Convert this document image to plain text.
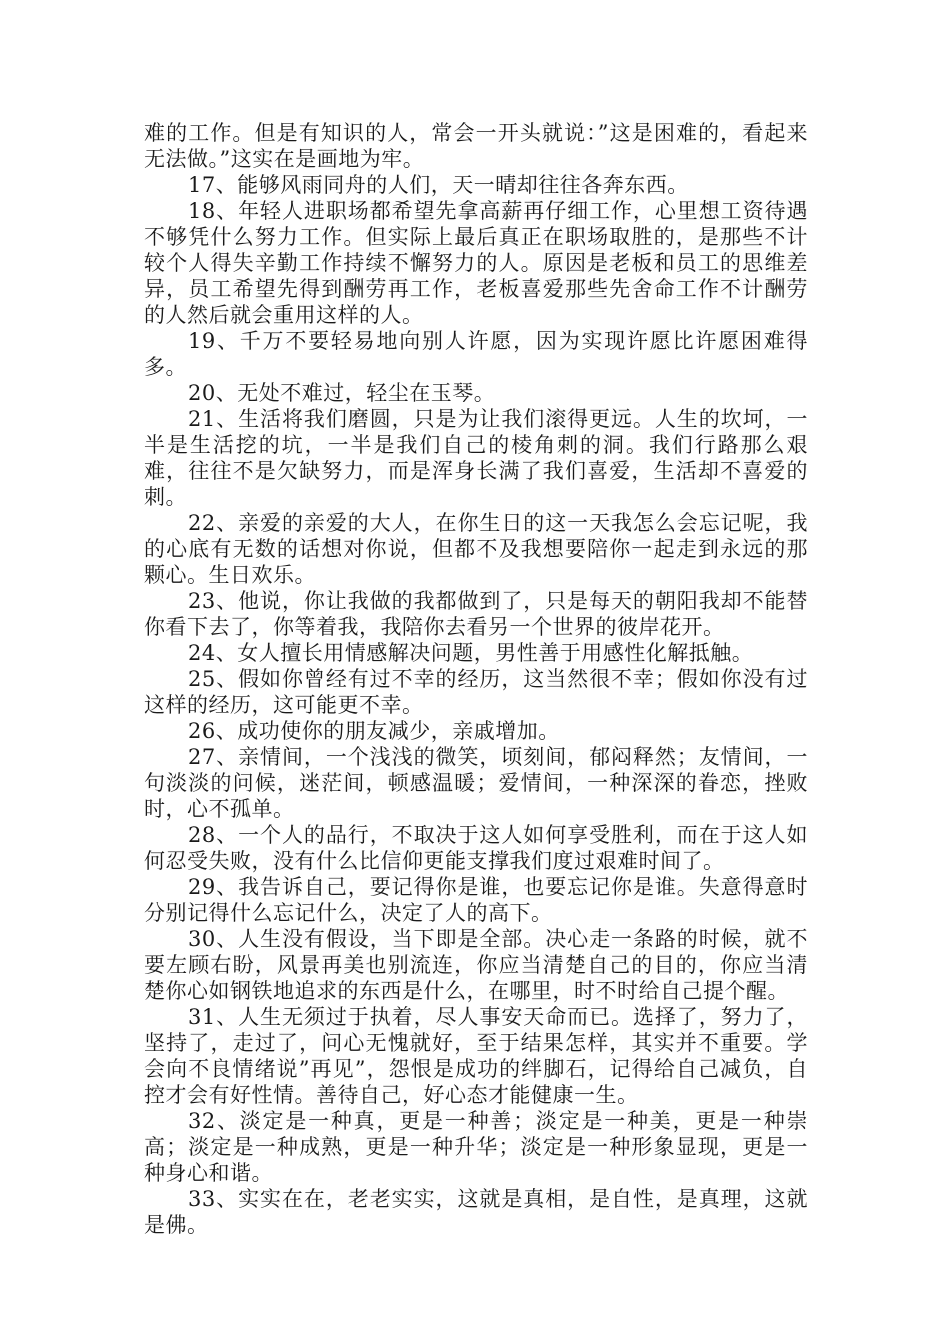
难的工作。但是有知识的人，常会一开头就说：”这是困难的，看起来无法做。”这实在是画地为牢。

17、能够风雨同舟的人们，天一晴却往往各奔东西。

18、年轻人进职场都希望先拿高薪再仔细工作，心里想工资待遇不够凭什么努力工作。但实际上最后真正在职场取胜的，是那些不计较个人得失辛勤工作持续不懈努力的人。原因是老板和员工的思维差异，员工希望先得到酬劳再工作，老板喜爱那些先舍命工作不计酬劳的人然后就会重用这样的人。

19、千万不要轻易地向别人许愿，因为实现许愿比许愿困难得多。

20、无处不难过，轻尘在玉琴。

21、生活将我们磨圆，只是为让我们滚得更远。人生的坎坷，一半是生活挖的坑，一半是我们自己的棱角刺的洞。我们行路那么艰难，往往不是欠缺努力，而是浑身长满了我们喜爱，生活却不喜爱的刺。

22、亲爱的亲爱的大人，在你生日的这一天我怎么会忘记呢，我的心底有无数的话想对你说，但都不及我想要陪你一起走到永远的那颗心。生日欢乐。

23、他说，你让我做的我都做到了，只是每天的朝阳我却不能替你看下去了，你等着我，我陪你去看另一个世界的彼岸花开。

24、女人擅长用情感解决问题，男性善于用感性化解抵触。

25、假如你曾经有过不幸的经历，这当然很不幸；假如你没有过这样的经历，这可能更不幸。

26、成功使你的朋友减少，亲戚增加。

27、亲情间，一个浅浅的微笑，顷刻间，郁闷释然；友情间，一句淡淡的问候，迷茫间，顿感温暖；爱情间，一种深深的眷恋，挫败时，心不孤单。

28、一个人的品行，不取决于这人如何享受胜利，而在于这人如何忍受失败，没有什么比信仰更能支撑我们度过艰难时间了。

29、我告诉自己，要记得你是谁，也要忘记你是谁。失意得意时分别记得什么忘记什么，决定了人的高下。

30、人生没有假设，当下即是全部。决心走一条路的时候，就不要左顾右盼，风景再美也别流连，你应当清楚自己的目的，你应当清楚你心如钢铁地追求的东西是什么，在哪里，时不时给自己提个醒。

31、人生无须过于执着，尽人事安天命而已。选择了，努力了，坚持了，走过了，问心无愧就好，至于结果怎样，其实并不重要。学会向不良情绪说”再见”，怨恨是成功的绊脚石，记得给自己减负，自控才会有好性情。善待自己，好心态才能健康一生。

32、淡定是一种真，更是一种善；淡定是一种美，更是一种崇高；淡定是一种成熟，更是一种升华；淡定是一种形象显现，更是一种身心和谐。

33、实实在在，老老实实，这就是真相，是自性，是真理，这就是佛。
